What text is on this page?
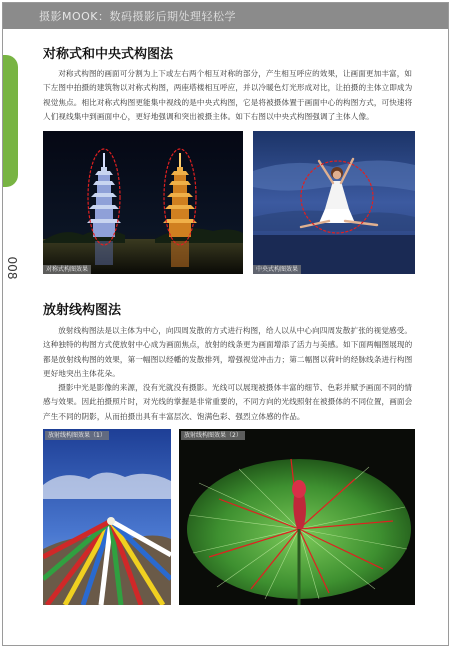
摄影MOOK：数码摄影后期处理轻松学
008
对称式和中央式构图法

对称式构图的画面可分割为上下或左右两个相互对称的部分，产生相互呼应的效果，让画面更加丰富，如下左图中拍摄的建筑物以对称式构图，两座塔楼相互呼应，并以冷暖色灯光形成对比，让拍摄的主体立即成为视觉焦点。相比对称式构图更能集中视线的是中央式构图，它是将被摄体置于画面中心的构图方式，可快速将人们视线集中到画面中心，更好地强调和突出被摄主体。如下右图以中央式构图强调了主体人像。

对称式构图效果	中央式构图效果
放射线构图法

放射线构图法是以主体为中心，向四周发散的方式进行构图，给人以从中心向四周发散扩张的视觉感受。这种独特的构图方式使放射中心成为画面焦点，放射的线条更为画面增添了活力与美感。如下面两幅图展现的都是放射线构图的效果，第一幅图以经幡的发散排列，增强视觉冲击力；第二幅图以荷叶的经脉线条进行构图更好地突出主体花朵。

摄影中光是影像的来源，没有光就没有摄影。光线可以展现被摄体丰富的细节、色彩并赋予画面不同的情感与效果。因此拍摄照片时，对光线的掌握是非常重要的，不同方向的光线照射在被摄体的不同位置，画面会产生不同的阴影，从而拍摄出具有丰富层次、饱满色彩、强烈立体感的作品。

放射线构图效果（1）	放射线构图效果（2）
